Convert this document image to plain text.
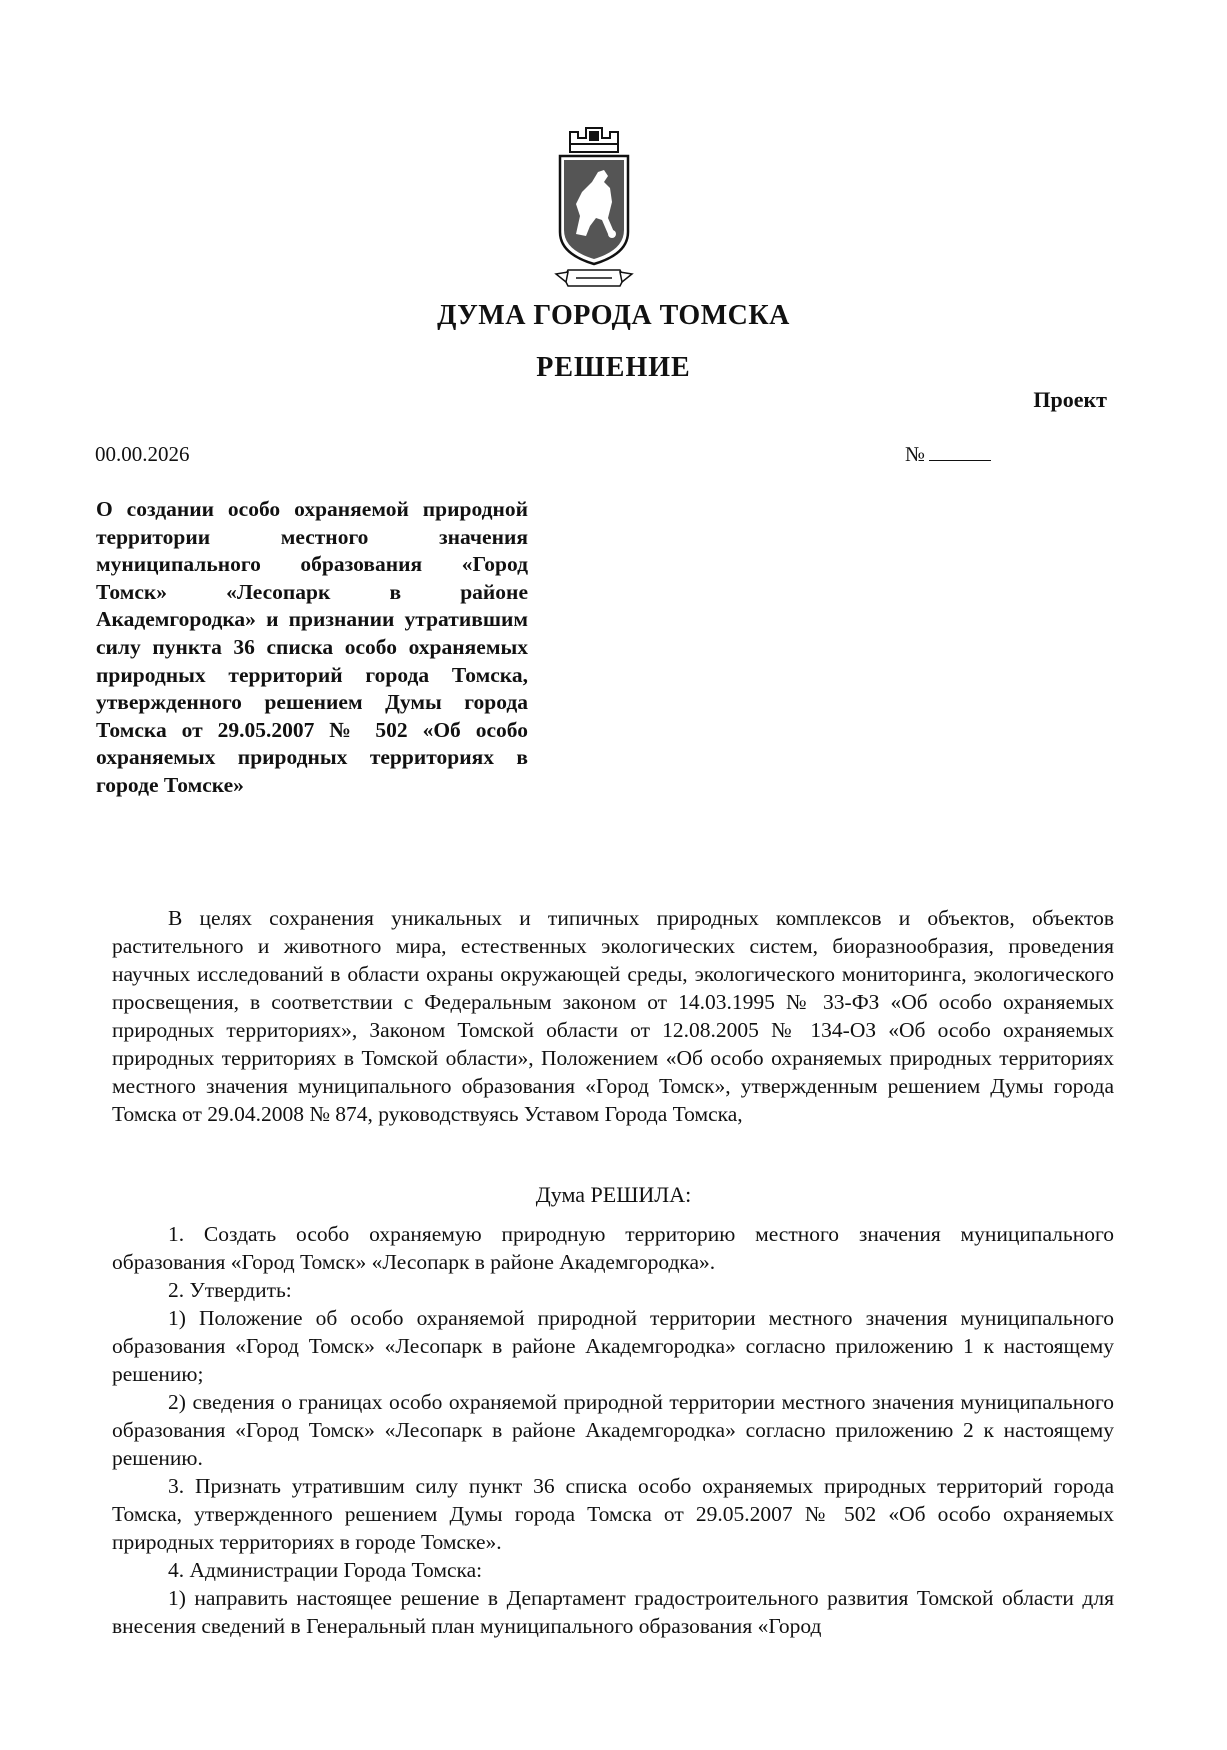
ДУМА ГОРОДА ТОМСКА
РЕШЕНИЕ
Проект
00.00.2026	№
О создании особо охраняемой природной территории местного значения муниципального образования «Город Томск» «Лесопарк в районе Академгородка» и признании утратившим силу пункта 36 списка особо охраняемых природных территорий города Томска, утвержденного решением Думы города Томска от 29.05.2007 № 502 «Об особо охраняемых природных территориях в городе Томске»

В целях сохранения уникальных и типичных природных комплексов и объектов, объектов растительного и животного мира, естественных экологических систем, биоразнообразия, проведения научных исследований в области охраны окружающей среды, экологического мониторинга, экологического просвещения, в соответствии с Федеральным законом от 14.03.1995 № 33-ФЗ «Об особо охраняемых природных территориях», Законом Томской области от 12.08.2005 № 134-ОЗ «Об особо охраняемых природных территориях в Томской области», Положением «Об особо охраняемых природных территориях местного значения муниципального образования «Город Томск», утвержденным решением Думы города Томска от 29.04.2008 № 874, руководствуясь Уставом Города Томска,

Дума РЕШИЛА:

1. Создать особо охраняемую природную территорию местного значения муниципального образования «Город Томск» «Лесопарк в районе Академгородка».

2. Утвердить:

1) Положение об особо охраняемой природной территории местного значения муниципального образования «Город Томск» «Лесопарк в районе Академгородка» согласно приложению 1 к настоящему решению;

2) сведения о границах особо охраняемой природной территории местного значения муниципального образования «Город Томск» «Лесопарк в районе Академгородка» согласно приложению 2 к настоящему решению.

3. Признать утратившим силу пункт 36 списка особо охраняемых природных территорий города Томска, утвержденного решением Думы города Томска от 29.05.2007 № 502 «Об особо охраняемых природных территориях в городе Томске».

4. Администрации Города Томска:

1) направить настоящее решение в Департамент градостроительного развития Томской области для внесения сведений в Генеральный план муниципального образования «Город
